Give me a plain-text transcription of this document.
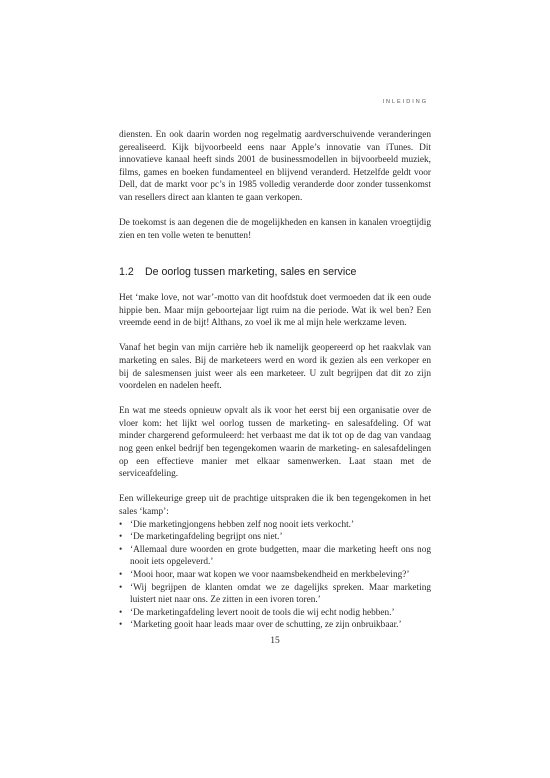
INLEIDING

diensten. En ook daarin worden nog regelmatig aardverschuivende veranderingen gerealiseerd. Kijk bijvoorbeeld eens naar Apple’s innovatie van iTunes. Dit innovatieve kanaal heeft sinds 2001 de businessmodellen in bijvoorbeeld muziek, films, games en boeken fundamenteel en blijvend veranderd. Hetzelfde geldt voor Dell, dat de markt voor pc’s in 1985 volledig veranderde door zonder tussenkomst van resellers direct aan klanten te gaan verkopen.

De toekomst is aan degenen die de mogelijkheden en kansen in kanalen vroegtijdig zien en ten volle weten te benutten!

1.2 De oorlog tussen marketing, sales en service

Het ‘make love, not war’-motto van dit hoofdstuk doet vermoeden dat ik een oude hippie ben. Maar mijn geboortejaar ligt ruim na die periode. Wat ik wel ben? Een vreemde eend in de bijt! Althans, zo voel ik me al mijn hele werkzame leven.

Vanaf het begin van mijn carrière heb ik namelijk geopereerd op het raakvlak van marketing en sales. Bij de marketeers werd en word ik gezien als een verkoper en bij de salesmensen juist weer als een marketeer. U zult begrijpen dat dit zo zijn voordelen en nadelen heeft.

En wat me steeds opnieuw opvalt als ik voor het eerst bij een organisatie over de vloer kom: het lijkt wel oorlog tussen de marketing- en salesafdeling. Of wat minder chargerend geformuleerd: het verbaast me dat ik tot op de dag van vandaag nog geen enkel bedrijf ben tegengekomen waarin de marketing- en salesafdelingen op een effectieve manier met elkaar samenwerken. Laat staan met de serviceafdeling.

Een willekeurige greep uit de prachtige uitspraken die ik ben tegengekomen in het sales ‘kamp’:

• ‘Die marketingjongens hebben zelf nog nooit iets verkocht.’
• ‘De marketingafdeling begrijpt ons niet.’
• ‘Allemaal dure woorden en grote budgetten, maar die marketing heeft ons nog nooit iets opgeleverd.’
• ‘Mooi hoor, maar wat kopen we voor naamsbekendheid en merkbeleving?’
• ‘Wij begrijpen de klanten omdat we ze dagelijks spreken. Maar marketing luistert niet naar ons. Ze zitten in een ivoren toren.’
• ‘De marketingafdeling levert nooit de tools die wij echt nodig hebben.’
• ‘Marketing gooit haar leads maar over de schutting, ze zijn onbruikbaar.’
15
